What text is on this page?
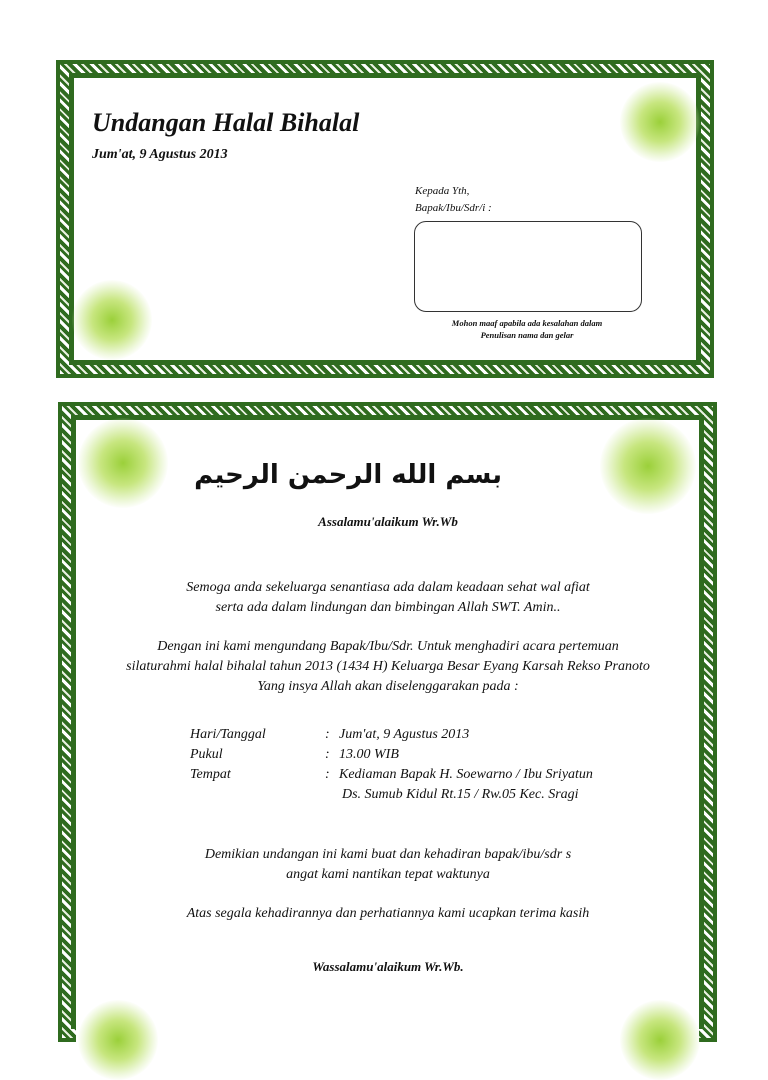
Undangan Halal Bihalal
Jum'at, 9 Agustus 2013
Kepada Yth,
Bapak/Ibu/Sdr/i :
Mohon maaf apabila ada kesalahan dalam
Penulisan nama dan gelar
بسم الله الرحمن الرحيم
Assalamu'alaikum Wr.Wb
Semoga anda sekeluarga senantiasa ada dalam keadaan sehat wal afiat
serta ada dalam lindungan dan bimbingan Allah SWT. Amin..
Dengan ini kami mengundang Bapak/Ibu/Sdr. Untuk menghadiri acara pertemuan
silaturahmi halal bihalal tahun 2013 (1434 H) Keluarga Besar Eyang Karsah Rekso Pranoto
Yang insya Allah akan diselenggarakan pada :
Hari/Tanggal	: Jum'at, 9 Agustus 2013
Pukul	: 13.00 WIB
Tempat	: Kediaman Bapak H. Soewarno / Ibu Sriyatun
Ds. Sumub Kidul Rt.15 / Rw.05 Kec. Sragi
Demikian undangan ini kami buat dan kehadiran bapak/ibu/sdr s
angat kami nantikan tepat waktunya
Atas segala kehadirannya dan perhatiannya kami ucapkan terima kasih
Wassalamu'alaikum Wr.Wb.
